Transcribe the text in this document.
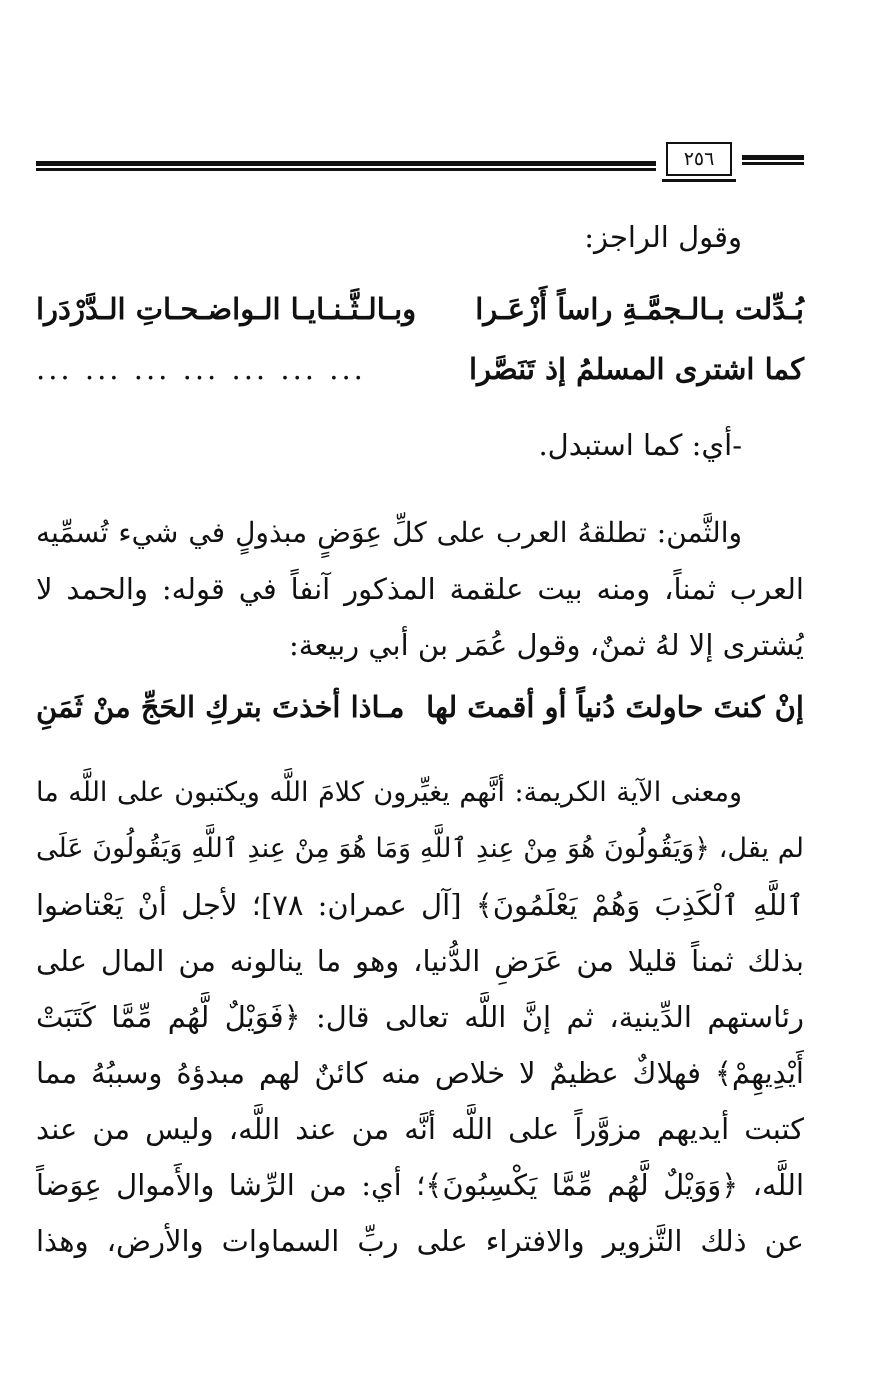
٢٥٦
وقول الراجز:
بُـدِّلت بـالـجمَّـةِ راساً أَزْعَـرا
وبـالـثَّـنـايـا الـواضـحـاتِ الـدَّرْدَرا
كما اشترى المسلمُ إذ تَنَصَّرا
... ... ... ... ... ... ...
-أي: كما استبدل.
والثَّمن: تطلقهُ العرب على كلِّ عِوَضٍ مبذولٍ في شيء تُسمِّيه
العرب ثمناً، ومنه بيت علقمة المذكور آنفاً في قوله: والحمد لا
يُشترى إلا لهُ ثمنٌ، وقول عُمَر بن أبي ربيعة:
إنْ كنتَ حاولتَ دُنياً أو أقمتَ لها
مـاذا أخذتَ بتركِ الحَجِّ منْ ثَمَنِ
ومعنى الآية الكريمة: أنَّهم يغيِّرون كلامَ اللَّه ويكتبون على اللَّه ما
لم يقل، ﴿وَيَقُولُونَ هُوَ مِنْ عِندِ ٱللَّهِ وَمَا هُوَ مِنْ عِندِ ٱللَّهِ وَيَقُولُونَ عَلَى
ٱللَّهِ ٱلْكَذِبَ وَهُمْ يَعْلَمُونَ﴾ [آل عمران: ٧٨]؛ لأجل أنْ يَعْتاضوا
بذلك ثمناً قليلا من عَرَضِ الدُّنيا، وهو ما ينالونه من المال على
رئاستهم الدِّينية، ثم إنَّ اللَّه تعالى قال: ﴿فَوَيْلٌ لَّهُم مِّمَّا كَتَبَتْ
أَيْدِيهِمْ﴾ فهلاكٌ عظيمٌ لا خلاص منه كائنٌ لهم مبدؤهُ وسببُهُ مما
كتبت أيديهم مزوَّراً على اللَّه أنَّه من عند اللَّه، وليس من عند
اللَّه، ﴿وَوَيْلٌ لَّهُم مِّمَّا يَكْسِبُونَ﴾؛ أي: من الرِّشا والأَموال عِوَضاً
عن ذلك التَّزوير والافتراء على ربِّ السماوات والأرض، وهذا
